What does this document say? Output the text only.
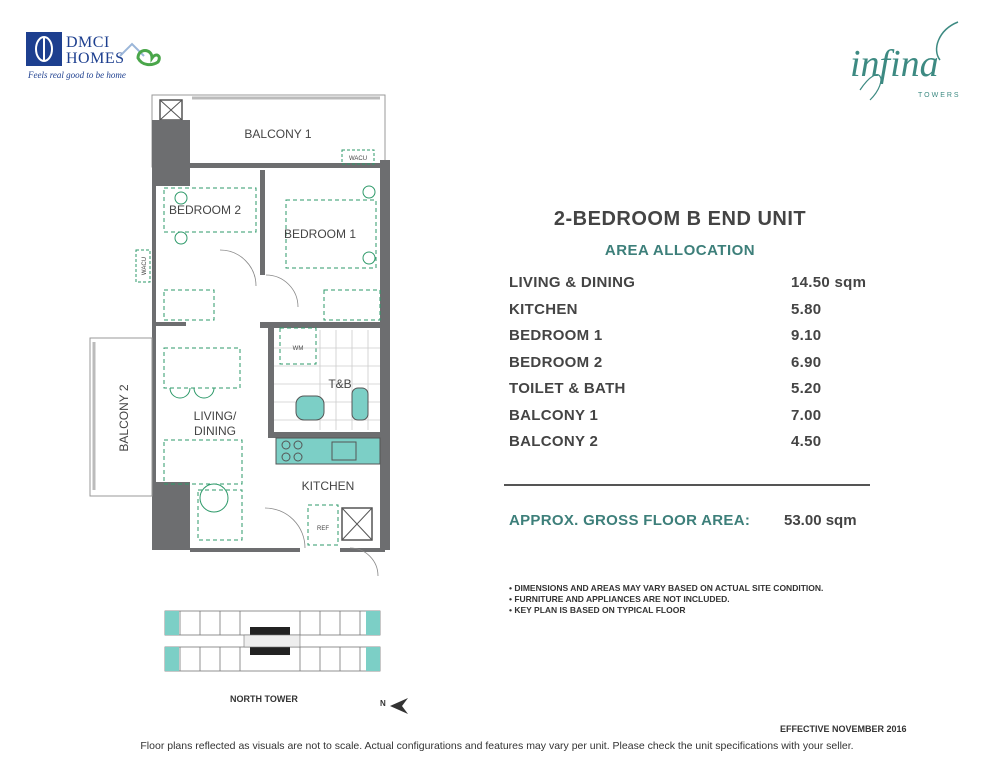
DMCI
HOMES
Feels real good to be home	infina
TOWERS
BALCONY 1
BALCONY 2
WACU
WACU
T&B
WM
KITCHEN
REF
BEDROOM 2
BEDROOM 1
LIVING/
DINING
NORTH TOWER	N
2-BEDROOM B END UNIT
AREA ALLOCATION
LIVING & DINING	14.50 sqm
KITCHEN	5.80
BEDROOM 1	9.10
BEDROOM 2	6.90
TOILET & BATH	5.20
BALCONY 1	7.00
BALCONY 2	4.50
APPROX. GROSS FLOOR AREA: 53.00 sqm
• DIMENSIONS AND AREAS MAY VARY BASED ON ACTUAL SITE CONDITION.
• FURNITURE AND APPLIANCES ARE NOT INCLUDED.
• KEY PLAN IS BASED ON TYPICAL FLOOR
EFFECTIVE NOVEMBER 2016
Floor plans reflected as visuals are not to scale. Actual configurations and features may vary per unit. Please check the unit specifications with your seller.
